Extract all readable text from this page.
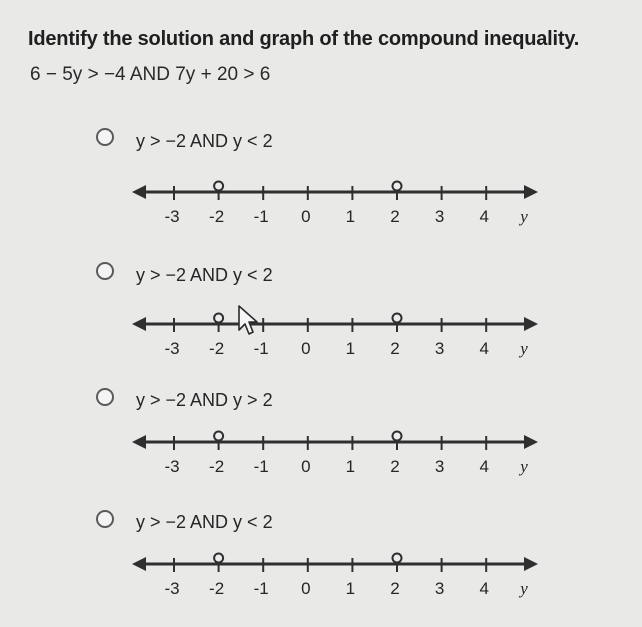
Identify the solution and graph of the compound inequality.
6 − 5y > −4 AND 7y + 20 > 6
y > −2 AND y < 2
-3 -2 -1 0 1 2 3 4 y
y > −2 AND y < 2
-3 -2 -1 0 1 2 3 4 y
y > −2 AND y > 2
-3 -2 -1 0 1 2 3 4 y
y > −2 AND y < 2
-3 -2 -1 0 1 2 3 4 y
